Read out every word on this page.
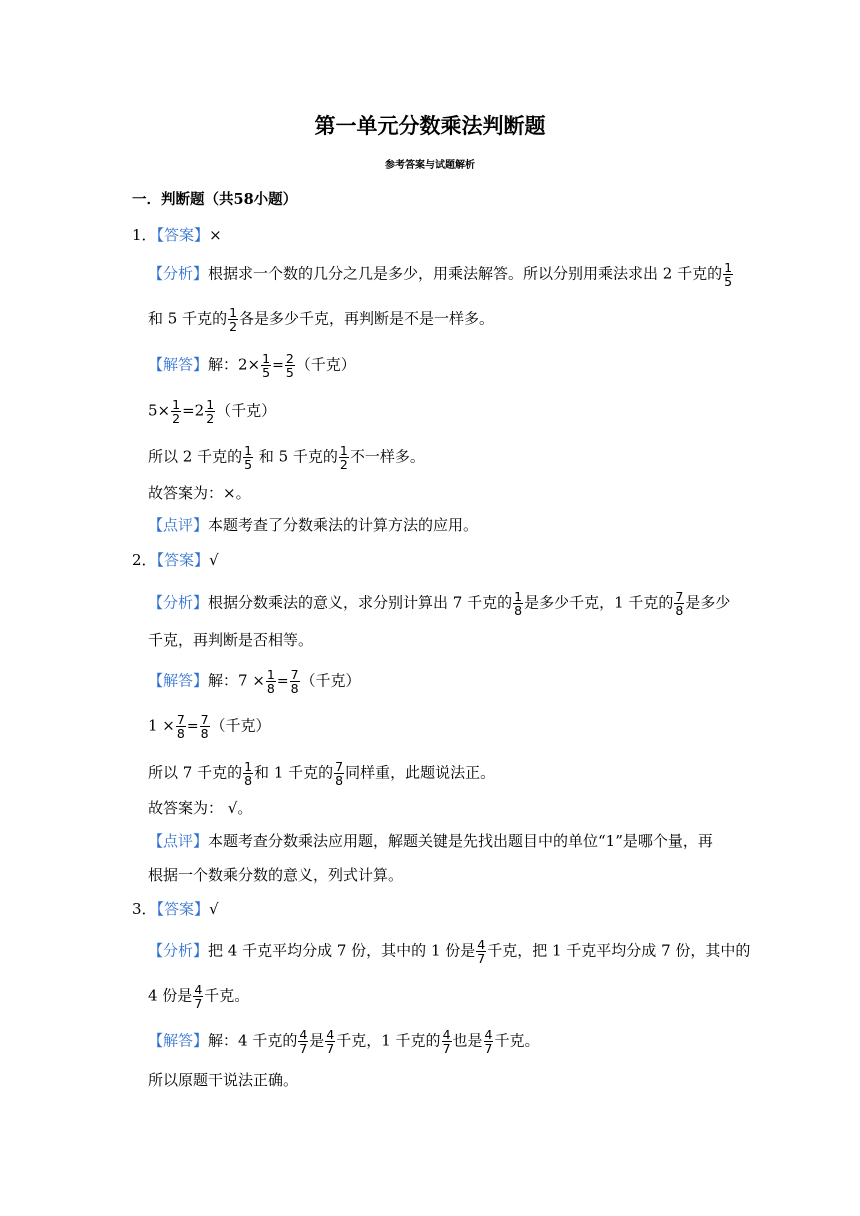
第一单元分数乘法判断题
参考答案与试题解析
一．判断题（共58小题）
1．【答案】×
【分析】根据求一个数的几分之几是多少，用乘法解答。所以分别用乘法求出 2 千克的 $\frac{1}{5}$
和 5 千克的 $\frac{1}{2}$ 各是多少千克，再判断是不是一样多。
【解答】解：$2\times \frac{1}{5} = \frac{2}{5}$ （千克）
$5\times \frac{1}{2} =2 \frac{1}{2}$ （千克）
所以 2 千克的 $\frac{1}{5}$ 和 5 千克的 $\frac{1}{2}$ 不一样多。
故答案为：×。
【点评】本题考查了分数乘法的计算方法的应用。
2．【答案】√
【分析】根据分数乘法的意义，求分别计算出 7 千克的 $\frac{1}{8}$ 是多少千克，1 千克的 $\frac{7}{8}$ 是多少
千克，再判断是否相等。
【解答】解：$7 \times \frac{1}{8} = \frac{7}{8}$ （千克）
$1 \times \frac{7}{8} = \frac{7}{8}$ （千克）
所以 7 千克的 $\frac{1}{8}$ 和 1 千克的 $\frac{7}{8}$ 同样重，此题说法正。
故答案为： √。
【点评】本题考查分数乘法应用题，解题关键是先找出题目中的单位“1”是哪个量，再
根据一个数乘分数的意义，列式计算。
3．【答案】√
【分析】把 4 千克平均分成 7 份，其中的 1 份是 $\frac{4}{7}$ 千克，把 1 千克平均分成 7 份，其中的
4 份是 $\frac{4}{7}$ 千克。
【解答】解：4 千克的 $\frac{4}{7}$ 是 $\frac{4}{7}$ 千克，1 千克的 $\frac{4}{7}$ 也是 $\frac{4}{7}$ 千克。
所以原题干说法正确。
